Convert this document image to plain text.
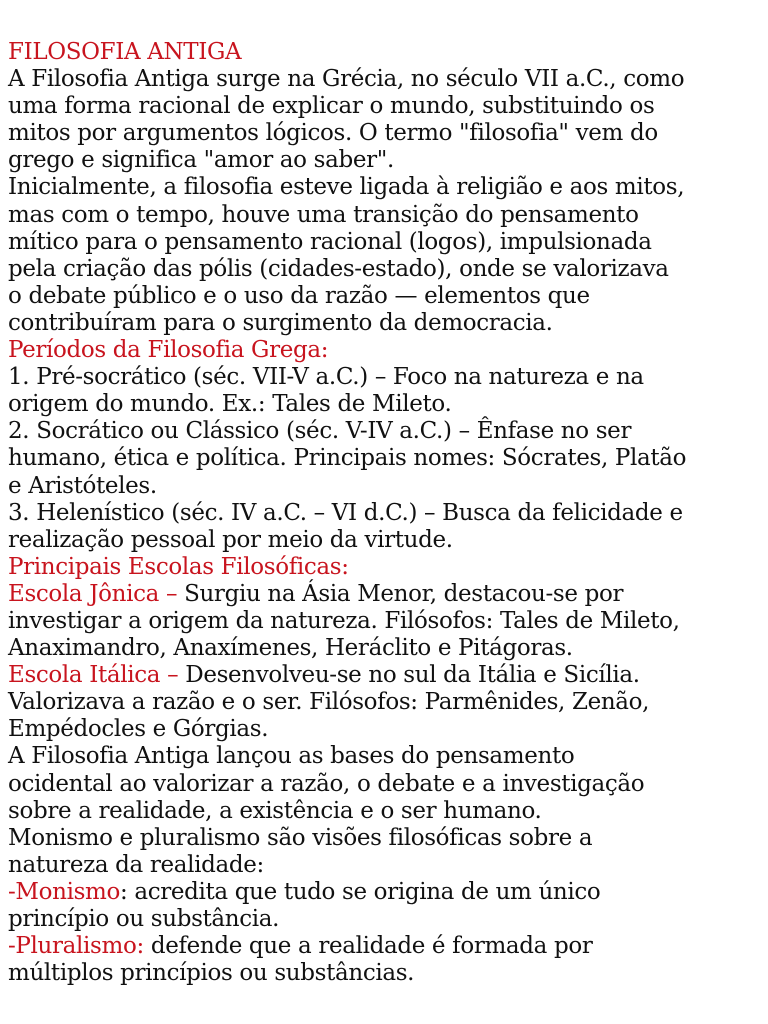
FILOSOFIA ANTIGA
A Filosofia Antiga surge na Grécia, no século VII a.C., como
uma forma racional de explicar o mundo, substituindo os
mitos por argumentos lógicos. O termo "filosofia" vem do
grego e significa "amor ao saber".
Inicialmente, a filosofia esteve ligada à religião e aos mitos,
mas com o tempo, houve uma transição do pensamento
mítico para o pensamento racional (logos), impulsionada
pela criação das pólis (cidades-estado), onde se valorizava
o debate público e o uso da razão — elementos que
contribuíram para o surgimento da democracia.
Períodos da Filosofia Grega:
1. Pré-socrático (séc. VII-V a.C.) – Foco na natureza e na
origem do mundo. Ex.: Tales de Mileto.
2. Socrático ou Clássico (séc. V-IV a.C.) – Ênfase no ser
humano, ética e política. Principais nomes: Sócrates, Platão
e Aristóteles.
3. Helenístico (séc. IV a.C. – VI d.C.) – Busca da felicidade e
realização pessoal por meio da virtude.
Principais Escolas Filosóficas:
Escola Jônica – Surgiu na Ásia Menor, destacou-se por
investigar a origem da natureza. Filósofos: Tales de Mileto,
Anaximandro, Anaxímenes, Heráclito e Pitágoras.
Escola Itálica – Desenvolveu-se no sul da Itália e Sicília.
Valorizava a razão e o ser. Filósofos: Parmênides, Zenão,
Empédocles e Górgias.
A Filosofia Antiga lançou as bases do pensamento
ocidental ao valorizar a razão, o debate e a investigação
sobre a realidade, a existência e o ser humano.
Monismo e pluralismo são visões filosóficas sobre a
natureza da realidade:
-Monismo: acredita que tudo se origina de um único
princípio ou substância.
-Pluralismo: defende que a realidade é formada por
múltiplos princípios ou substâncias.
